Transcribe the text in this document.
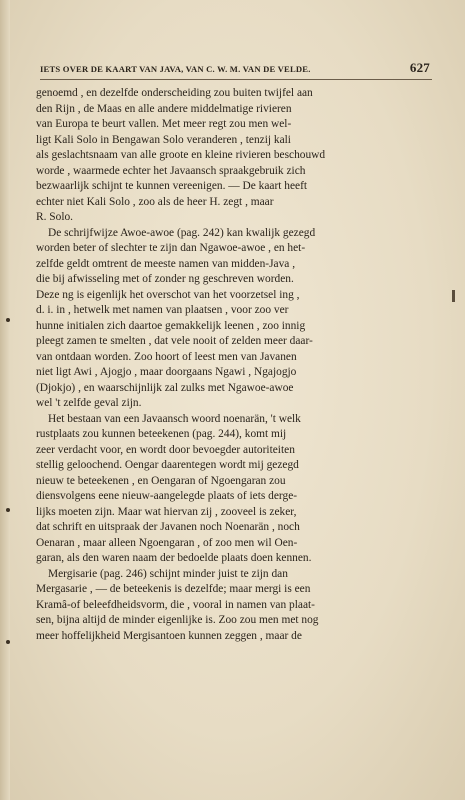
IETS OVER DE KAART VAN JAVA, VAN C. W. M. VAN DE VELDE.	627
genoemd , en dezelfde onderscheiding zou buiten twijfel aan
den Rijn , de Maas en alle andere middelmatige rivieren
van Europa te beurt vallen. Met meer regt zou men wel-
ligt Kali Solo in Bengawan Solo veranderen , tenzij kali
als geslachtsnaam van alle groote en kleine rivieren beschouwd
worde , waarmede echter het Javaansch spraakgebruik zich
bezwaarlijk schijnt te kunnen vereenigen. — De kaart heeft
echter niet Kali Solo , zoo als de heer H. zegt , maar
R. Solo.
De schrijfwijze Awoe-awoe (pag. 242) kan kwalijk gezegd
worden beter of slechter te zijn dan Ngawoe-awoe , en het-
zelfde geldt omtrent de meeste namen van midden-Java ,
die bij afwisseling met of zonder ng geschreven worden.
Deze ng is eigenlijk het overschot van het voorzetsel ing ,
d. i. in , hetwelk met namen van plaatsen , voor zoo ver
hunne initialen zich daartoe gemakkelijk leenen , zoo innig
pleegt zamen te smelten , dat vele nooit of zelden meer daar-
van ontdaan worden. Zoo hoort of leest men van Javanen
niet ligt Awi , Ajogjo , maar doorgaans Ngawi , Ngajogjo
(Djokjo) , en waarschijnlijk zal zulks met Ngawoe-awoe
wel 't zelfde geval zijn.
Het bestaan van een Javaansch woord noenarän, 't welk
rustplaats zou kunnen beteekenen (pag. 244), komt mij
zeer verdacht voor, en wordt door bevoegder autoriteiten
stellig geloochend. Oengar daarentegen wordt mij gezegd
nieuw te beteekenen , en Oengaran of Ngoengaran zou
diensvolgens eene nieuw-aangelegde plaats of iets derge-
lijks moeten zijn. Maar wat hiervan zij , zooveel is zeker,
dat schrift en uitspraak der Javanen noch Noenarän , noch
Oenaran , maar alleen Ngoengaran , of zoo men wil Oen-
garan, als den waren naam der bedoelde plaats doen kennen.
Mergisarie (pag. 246) schijnt minder juist te zijn dan
Mergasarie , — de beteekenis is dezelfde; maar mergi is een
Kramâ-of beleefdheidsvorm, die , vooral in namen van plaat-
sen, bijna altijd de minder eigenlijke is. Zoo zou men met nog
meer hoffelijkheid Mergisantoen kunnen zeggen , maar de
